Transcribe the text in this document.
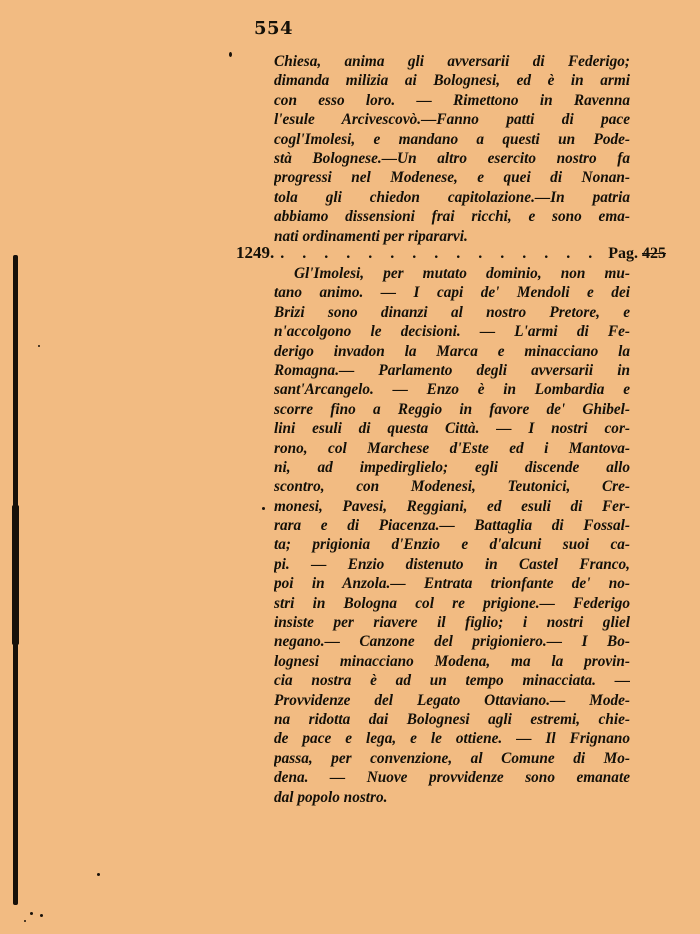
554
Chiesa, anima gli avversarii di Federigo;
dimanda milizia ai Bolognesi, ed è in armi
con esso loro. — Rimettono in Ravenna
l'esule Arcivescovò.—Fanno patti di pace
cogl'Imolesi, e mandano a questi un Pode-
stà Bolognese.—Un altro esercito nostro fa
progressi nel Modenese, e quei di Nonan-
tola gli chiedon capitolazione.—In patria
abbiamo dissensioni frai ricchi, e sono ema-
nati ordinamenti per ripararvi.
1249. . . . . . . . . . . . . . . . Pag. 425
Gl'Imolesi, per mutato dominio, non mu-
tano animo. — I capi de' Mendoli e dei
Brizi sono dinanzi al nostro Pretore, e
n'accolgono le decisioni. — L'armi di Fe-
derigo invadon la Marca e minacciano la
Romagna.— Parlamento degli avversarii in
sant'Arcangelo. — Enzo è in Lombardia e
scorre fino a Reggio in favore de' Ghibel-
lini esuli di questa Città. — I nostri cor-
rono, col Marchese d'Este ed i Mantova-
ni, ad impedirglielo; egli discende allo
scontro, con Modenesi, Teutonici, Cre-
monesi, Pavesi, Reggiani, ed esuli di Fer-
rara e di Piacenza.— Battaglia di Fossal-
ta; prigionia d'Enzio e d'alcuni suoi ca-
pi. — Enzio distenuto in Castel Franco,
poi in Anzola.— Entrata trionfante de' no-
stri in Bologna col re prigione.— Federigo
insiste per riavere il figlio; i nostri gliel
negano.— Canzone del prigioniero.— I Bo-
lognesi minacciano Modena, ma la provin-
cia nostra è ad un tempo minacciata. —
Provvidenze del Legato Ottaviano.— Mode-
na ridotta dai Bolognesi agli estremi, chie-
de pace e lega, e le ottiene. — Il Frignano
passa, per convenzione, al Comune di Mo-
dena. — Nuove provvidenze sono emanate
dal popolo nostro.
